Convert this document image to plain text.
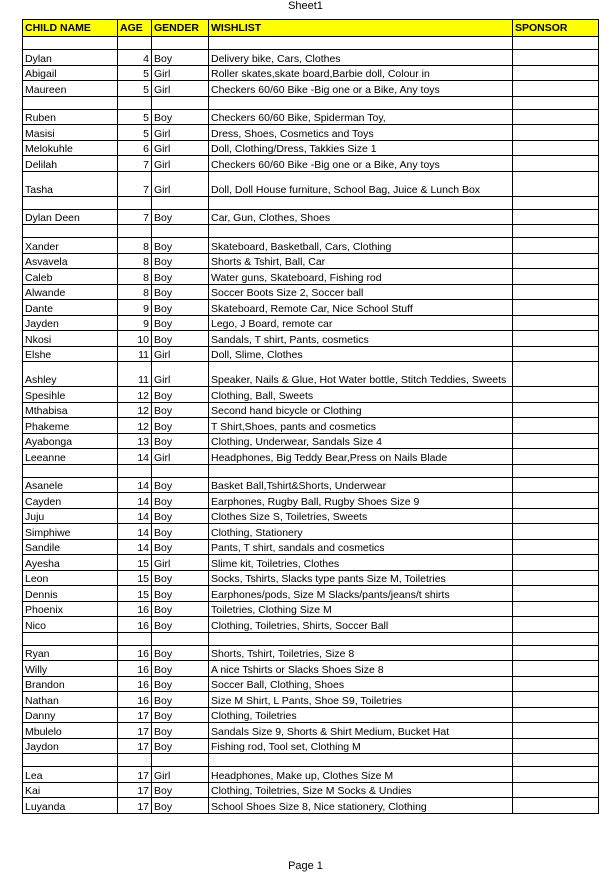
Sheet1
CHILD NAME	AGE	GENDER	WISHLIST	SPONSOR

Dylan	4	Boy	Delivery bike, Cars, Clothes	
Abigail	5	Girl	Roller skates,skate board,Barbie doll, Colour in	
Maureen	5	Girl	Checkers 60/60 Bike -Big one or a Bike, Any toys	

Ruben	5	Boy	Checkers 60/60 Bike, Spiderman Toy,	
Masisi	5	Girl	Dress, Shoes, Cosmetics and Toys	
Melokuhle	6	Girl	Doll, Clothing/Dress, Takkies Size 1	
Delilah	7	Girl	Checkers 60/60 Bike -Big one or a Bike, Any toys	
Tasha	7	Girl	Doll, Doll House furniture, School Bag, Juice & Lunch Box	

Dylan Deen	7	Boy	Car, Gun, Clothes, Shoes	

Xander	8	Boy	Skateboard, Basketball, Cars, Clothing	
Asvavela	8	Boy	Shorts & Tshirt, Ball, Car	
Caleb	8	Boy	Water guns, Skateboard, Fishing rod	
Alwande	8	Boy	Soccer Boots Size 2, Soccer ball	
Dante	9	Boy	Skateboard, Remote Car, Nice School Stuff	
Jayden	9	Boy	Lego, J Board, remote car	
Nkosi	10	Boy	Sandals, T shirt, Pants, cosmetics	
Elshe	11	Girl	Doll, Slime, Clothes	
Ashley	11	Girl	Speaker, Nails & Glue, Hot Water bottle, Stitch Teddies, Sweets	
Spesihle	12	Boy	Clothing, Ball, Sweets	
Mthabisa	12	Boy	Second hand bicycle or Clothing	
Phakeme	12	Boy	T Shirt,Shoes, pants and cosmetics	
Ayabonga	13	Boy	Clothing, Underwear, Sandals Size 4	
Leeanne	14	Girl	Headphones, Big Teddy Bear,Press on Nails Blade	

Asanele	14	Boy	Basket Ball,Tshirt&Shorts, Underwear	
Cayden	14	Boy	Earphones, Rugby Ball, Rugby Shoes Size 9	
Juju	14	Boy	Clothes Size S, Toiletries, Sweets	
Simphiwe	14	Boy	Clothing, Stationery	
Sandile	14	Boy	Pants, T shirt, sandals and cosmetics	
Ayesha	15	Girl	Slime kit, Toiletries, Clothes	
Leon	15	Boy	Socks, Tshirts, Slacks type pants Size M, Toiletries	
Dennis	15	Boy	Earphones/pods, Size M Slacks/pants/jeans/t shirts	
Phoenix	16	Boy	Toiletries, Clothing Size M	
Nico	16	Boy	Clothing, Toiletries, Shirts, Soccer Ball	

Ryan	16	Boy	Shorts, Tshirt, Toiletries, Size 8	
Willy	16	Boy	A nice Tshirts or Slacks Shoes Size 8	
Brandon	16	Boy	Soccer Ball, Clothing, Shoes	
Nathan	16	Boy	Size M Shirt, L Pants, Shoe S9, Toiletries	
Danny	17	Boy	Clothing, Toiletries	
Mbulelo	17	Boy	Sandals Size 9, Shorts & Shirt Medium, Bucket Hat	
Jaydon	17	Boy	Fishing rod, Tool set, Clothing M	

Lea	17	Girl	Headphones, Make up, Clothes Size M	
Kai	17	Boy	Clothing, Toiletries, Size M Socks & Undies	
Luyanda	17	Boy	School Shoes Size 8, Nice stationery, Clothing	
Page 1
